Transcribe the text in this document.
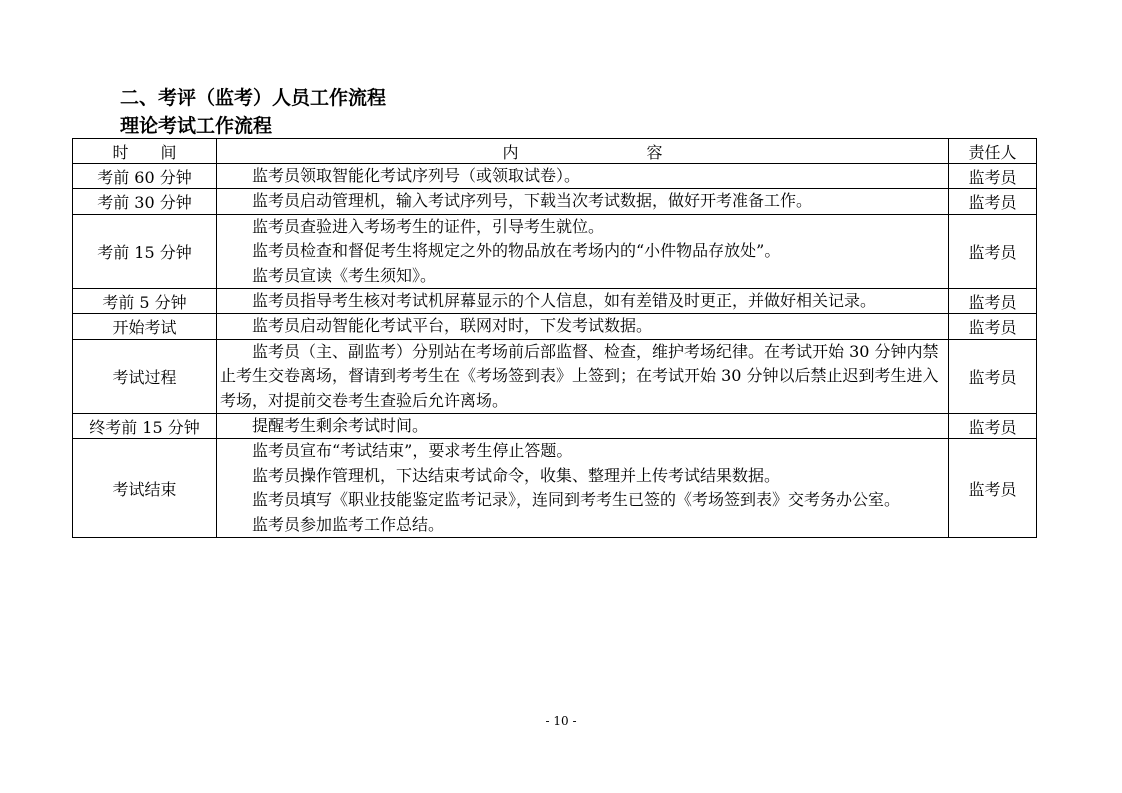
二、考评（监考）人员工作流程
理论考试工作流程
时　　间	内　　　　　　　　容	责任人
考前 60 分钟	监考员领取智能化考试序列号（或领取试卷）。	监考员
考前 30 分钟	监考员启动管理机，输入考试序列号，下载当次考试数据，做好开考准备工作。	监考员
考前 15 分钟	监考员查验进入考场考生的证件，引导考生就位。

监考员检查和督促考生将规定之外的物品放在考场内的“小件物品存放处”。

监考员宣读《考生须知》。	监考员
考前 5 分钟	监考员指导考生核对考试机屏幕显示的个人信息，如有差错及时更正，并做好相关记录。	监考员
开始考试	监考员启动智能化考试平台，联网对时，下发考试数据。	监考员
考试过程	监考员（主、副监考）分别站在考场前后部监督、检查，维护考场纪律。在考试开始 30 分钟内禁止考生交卷离场，督请到考考生在《考场签到表》上签到；在考试开始 30 分钟以后禁止迟到考生进入考场，对提前交卷考生查验后允许离场。	监考员
终考前 15 分钟	提醒考生剩余考试时间。	监考员
考试结束	监考员宣布“考试结束”，要求考生停止答题。

监考员操作管理机，下达结束考试命令，收集、整理并上传考试结果数据。

监考员填写《职业技能鉴定监考记录》，连同到考考生已签的《考场签到表》交考务办公室。

监考员参加监考工作总结。	监考员
- 10 -
